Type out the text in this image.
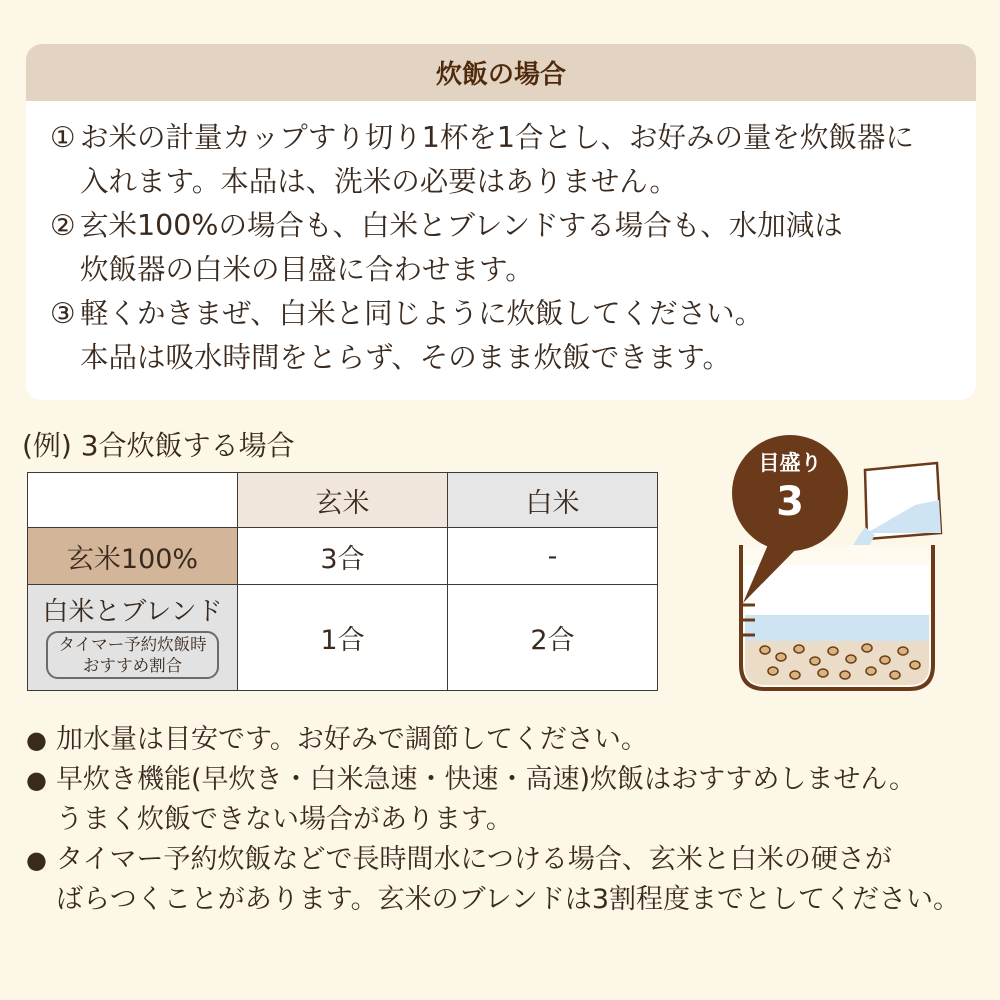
炊飯の場合
① お米の計量カップすり切り1杯を1合とし、お好みの量を炊飯器に
入れます。本品は、洗米の必要はありません。
② 玄米100%の場合も、白米とブレンドする場合も、水加減は
炊飯器の白米の目盛に合わせます。
③ 軽くかきまぜ、白米と同じように炊飯してください。
本品は吸水時間をとらず、そのまま炊飯できます。
(例) 3合炊飯する場合
	玄米	白米
玄米100%	3合	-

白米とブレンド
タイマー予約炊飯時
おすすめ割合	1合	2合
目盛り
3
● 加水量は目安です。お好みで調節してください。
● 早炊き機能(早炊き・白米急速・快速・高速)炊飯はおすすめしません。
うまく炊飯できない場合があります。
● タイマー予約炊飯などで長時間水につける場合、玄米と白米の硬さが
ばらつくことがあります。玄米のブレンドは3割程度までとしてください。
